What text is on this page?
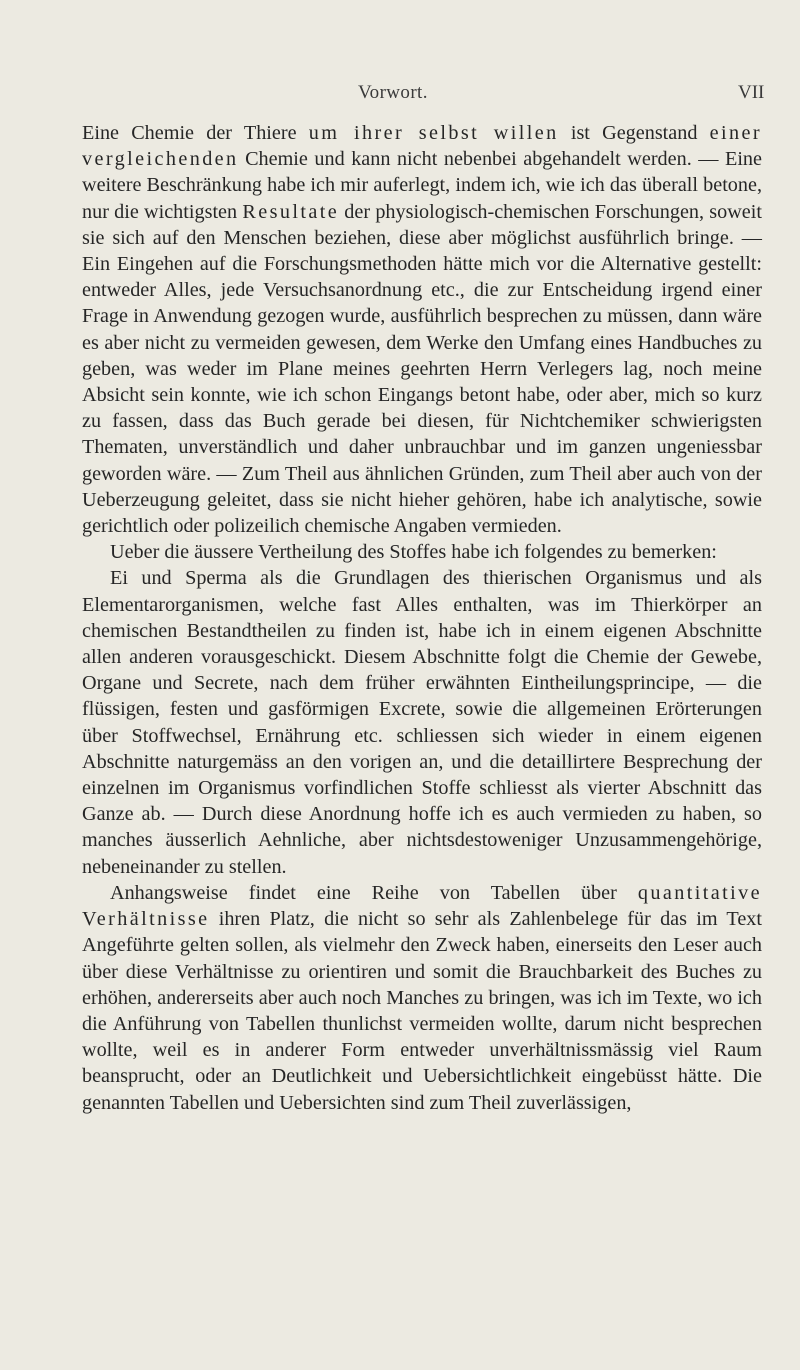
Vorwort.	VII

Eine Chemie der Thiere um ihrer selbst willen ist Gegenstand einer vergleichenden Chemie und kann nicht nebenbei abgehandelt werden. — Eine weitere Beschränkung habe ich mir auferlegt, indem ich, wie ich das überall betone, nur die wichtigsten Resultate der physiologisch-chemischen Forschungen, soweit sie sich auf den Menschen beziehen, diese aber möglichst ausführlich bringe. — Ein Eingehen auf die Forschungsmethoden hätte mich vor die Alternative gestellt: entweder Alles, jede Versuchsanordnung etc., die zur Entscheidung irgend einer Frage in Anwendung gezogen wurde, ausführlich besprechen zu müssen, dann wäre es aber nicht zu vermeiden gewesen, dem Werke den Umfang eines Handbuches zu geben, was weder im Plane meines geehrten Herrn Verlegers lag, noch meine Absicht sein konnte, wie ich schon Eingangs betont habe, oder aber, mich so kurz zu fassen, dass das Buch gerade bei diesen, für Nichtchemiker schwierigsten Thematen, unverständlich und daher unbrauchbar und im ganzen ungeniessbar geworden wäre. — Zum Theil aus ähnlichen Gründen, zum Theil aber auch von der Ueberzeugung geleitet, dass sie nicht hieher gehören, habe ich analytische, sowie gerichtlich oder polizeilich chemische Angaben vermieden.

Ueber die äussere Vertheilung des Stoffes habe ich folgendes zu bemerken:

Ei und Sperma als die Grundlagen des thierischen Organismus und als Elementarorganismen, welche fast Alles enthalten, was im Thierkörper an chemischen Bestandtheilen zu finden ist, habe ich in einem eigenen Abschnitte allen anderen vorausgeschickt. Diesem Abschnitte folgt die Chemie der Gewebe, Organe und Secrete, nach dem früher erwähnten Eintheilungsprincipe, — die flüssigen, festen und gasförmigen Excrete, sowie die allgemeinen Erörterungen über Stoffwechsel, Ernährung etc. schliessen sich wieder in einem eigenen Abschnitte naturgemäss an den vorigen an, und die detaillirtere Besprechung der einzelnen im Organismus vorfindlichen Stoffe schliesst als vierter Abschnitt das Ganze ab. — Durch diese Anordnung hoffe ich es auch vermieden zu haben, so manches äusserlich Aehnliche, aber nichtsdestoweniger Unzusammengehörige, nebeneinander zu stellen.

Anhangsweise findet eine Reihe von Tabellen über quantitative Verhältnisse ihren Platz, die nicht so sehr als Zahlenbelege für das im Text Angeführte gelten sollen, als vielmehr den Zweck haben, einerseits den Leser auch über diese Verhältnisse zu orientiren und somit die Brauchbarkeit des Buches zu erhöhen, andererseits aber auch noch Manches zu bringen, was ich im Texte, wo ich die Anführung von Tabellen thunlichst vermeiden wollte, darum nicht besprechen wollte, weil es in anderer Form entweder unverhältnissmässig viel Raum beansprucht, oder an Deutlichkeit und Uebersichtlichkeit eingebüsst hätte. Die genannten Tabellen und Uebersichten sind zum Theil zuverlässigen,
